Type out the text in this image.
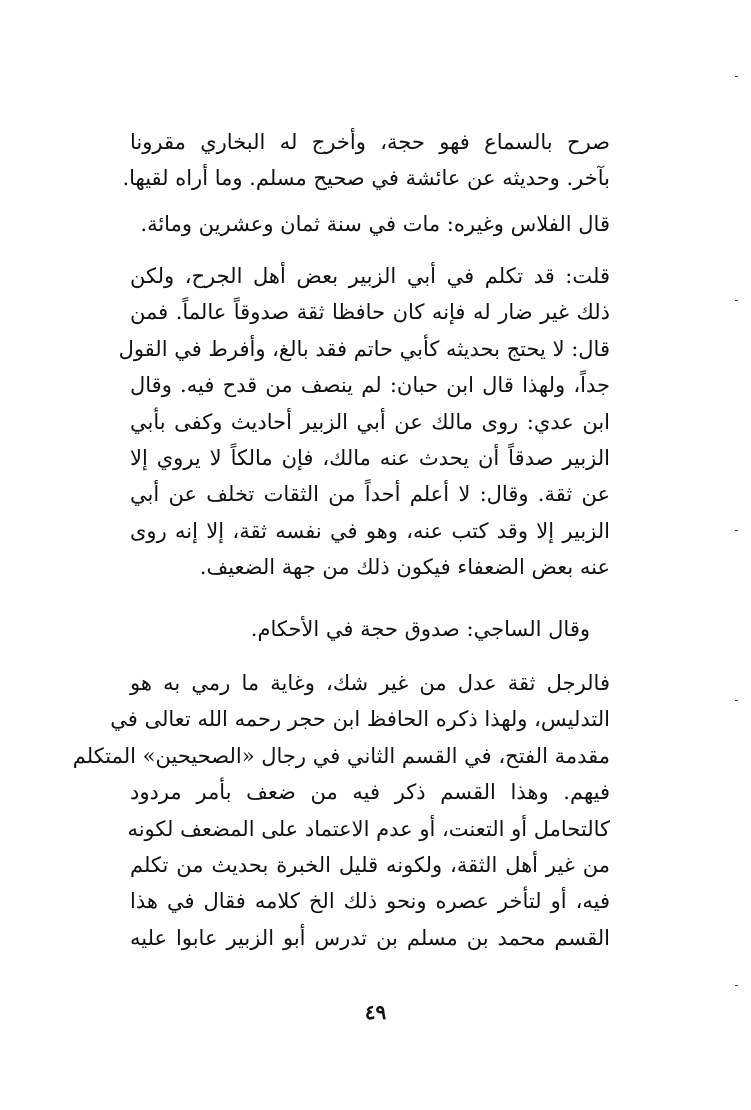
صرح بالسماع فهو حجة، وأخرج له البخاري مقرونا
بآخر. وحديثه عن عائشة في صحيح مسلم. وما أراه لقيها.

قال الفلاس وغيره: مات في سنة ثمان وعشرين ومائة.

قلت: قد تكلم في أبي الزبير بعض أهل الجرح، ولكن
ذلك غير ضار له فإنه كان حافظا ثقة صدوقاً عالماً. فمن
قال: لا يحتج بحديثه كأبي حاتم فقد بالغ، وأفرط في القول
جداً، ولهذا قال ابن حبان: لم ينصف من قدح فيه. وقال
ابن عدي: روى مالك عن أبي الزبير أحاديث وكفى بأبي
الزبير صدقاً أن يحدث عنه مالك، فإن مالكاً لا يروي إلا
عن ثقة. وقال: لا أعلم أحداً من الثقات تخلف عن أبي
الزبير إلا وقد كتب عنه، وهو في نفسه ثقة، إلا إنه روى
عنه بعض الضعفاء فيكون ذلك من جهة الضعيف.

وقال الساجي: صدوق حجة في الأحكام.

فالرجل ثقة عدل من غير شك، وغاية ما رمي به هو
التدليس، ولهذا ذكره الحافظ ابن حجر رحمه الله تعالى في
مقدمة الفتح، في القسم الثاني في رجال «الصحيحين» المتكلم
فيهم. وهذا القسم ذكر فيه من ضعف بأمر مردود
كالتحامل أو التعنت، أو عدم الاعتماد على المضعف لكونه
من غير أهل الثقة، ولكونه قليل الخبرة بحديث من تكلم
فيه، أو لتأخر عصره ونحو ذلك الخ كلامه فقال في هذا
القسم محمد بن مسلم بن تدرس أبو الزبير عابوا عليه

٤٩
